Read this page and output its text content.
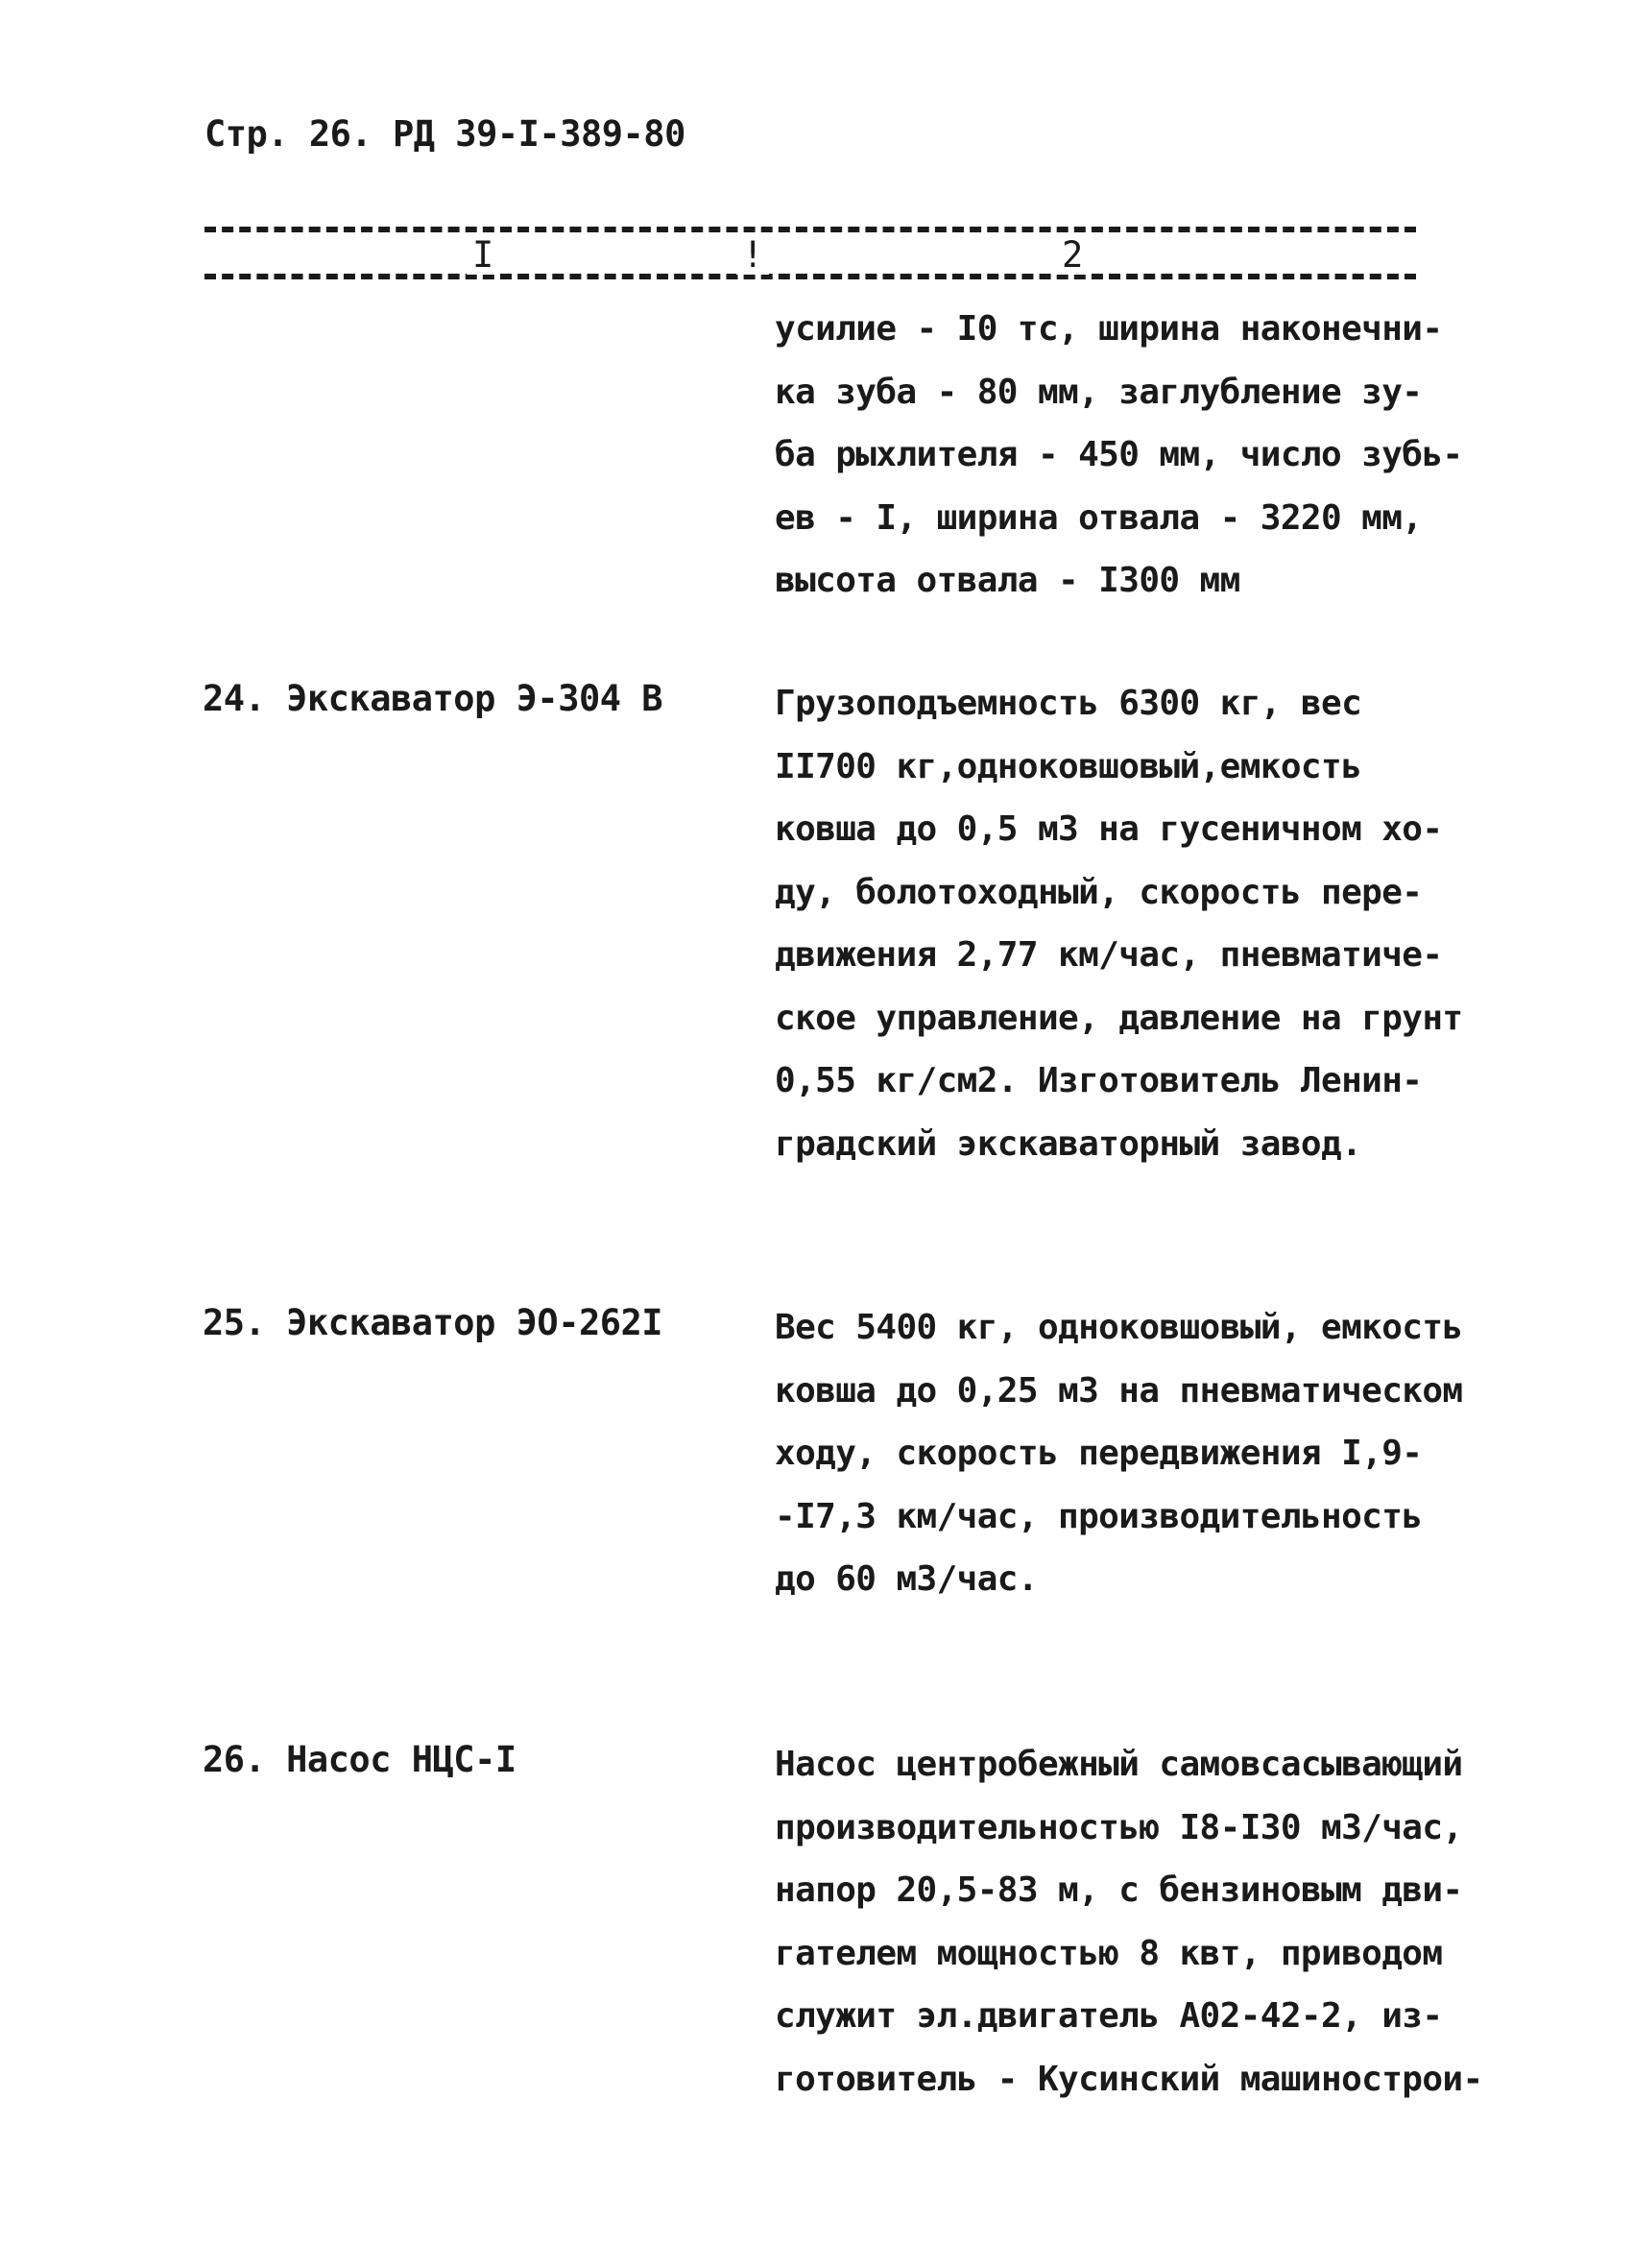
Стр. 26. РД 39-I-389-80
I	!	2
усилие - I0 тс, ширина наконечни-
ка зуба - 80 мм, заглубление зу-
ба рыхлителя - 450 мм, число зубь-
ев - I, ширина отвала - 3220 мм,
высота отвала - I300 мм
24. Экскаватор Э-304 В	Грузоподъемность 6300 кг, вес
II700 кг,одноковшовый,емкость
ковша до 0,5 м3 на гусеничном хо-
ду, болотоходный, скорость пере-
движения 2,77 км/час, пневматиче-
ское управление, давление на грунт
0,55 кг/см2. Изготовитель Ленин-
градский экскаваторный завод.
25. Экскаватор ЭО-262I	Вес 5400 кг, одноковшовый, емкость
ковша до 0,25 м3 на пневматическом
ходу, скорость передвижения I,9-
-I7,3 км/час, производительность
до 60 м3/час.
26. Насос НЦС-I	Насос центробежный самовсасывающий
производительностью I8-I30 м3/час,
напор 20,5-83 м, с бензиновым дви-
гателем мощностью 8 квт, приводом
служит эл.двигатель А02-42-2, из-
готовитель - Кусинский машинострои-
